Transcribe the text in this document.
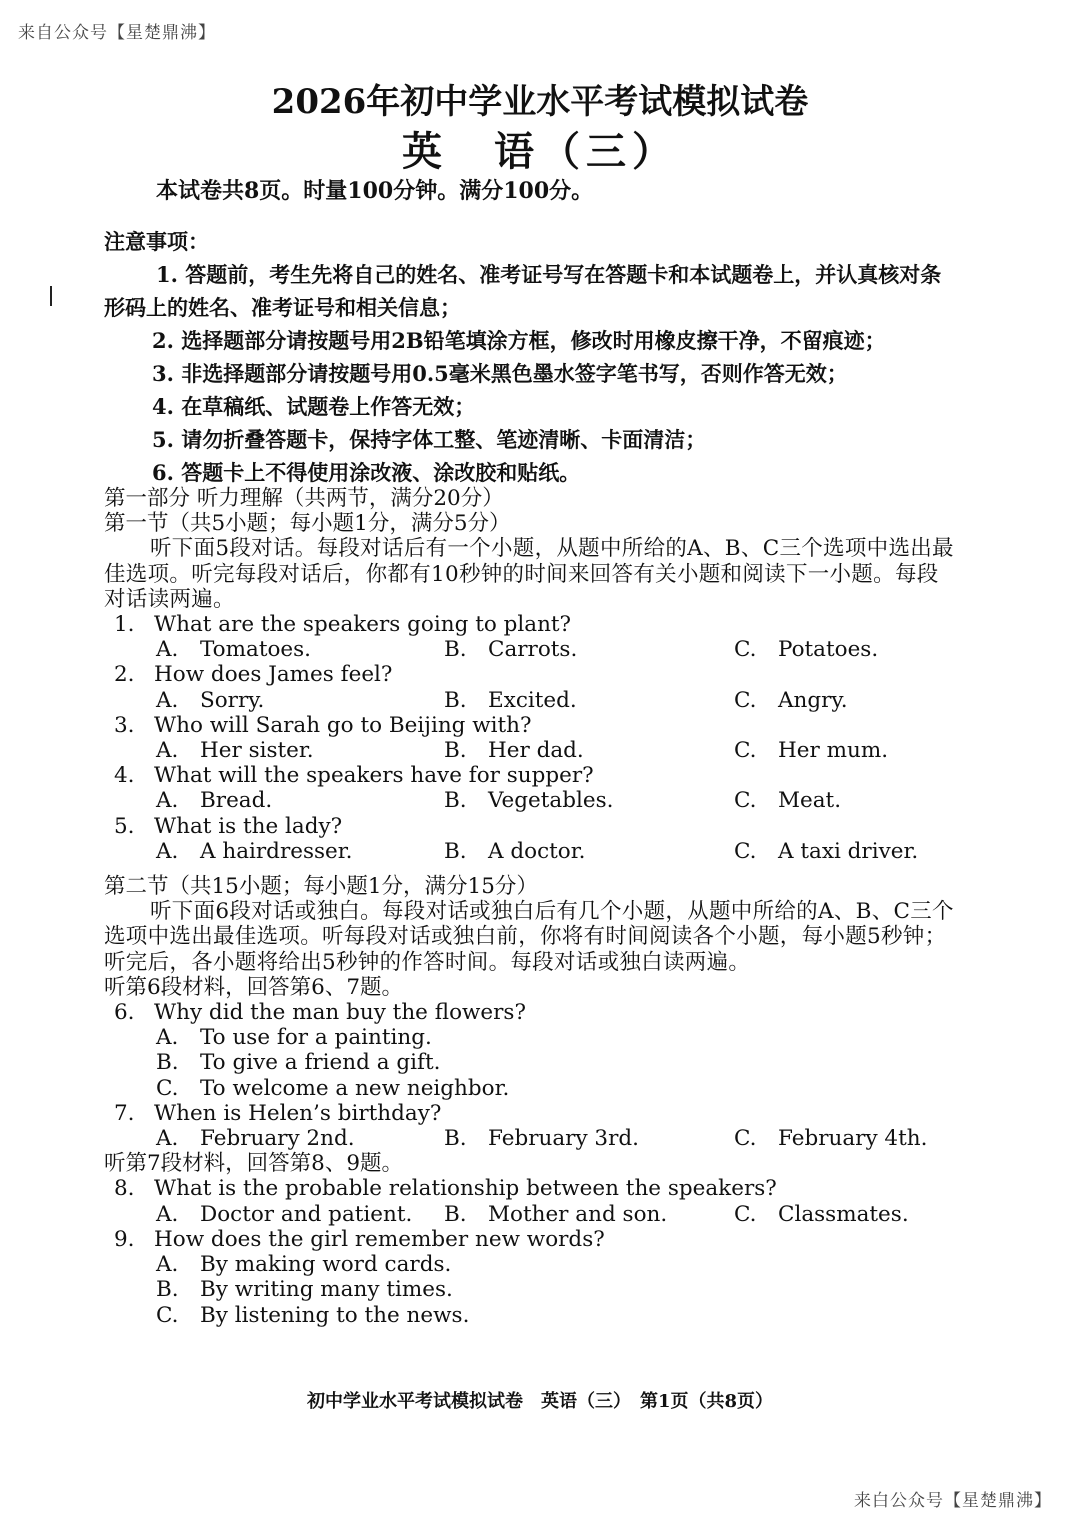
来自公众号【星楚鼎沸】
2026年初中学业水平考试模拟试卷
英　语（三）
本试卷共8页。时量100分钟。满分100分。
注意事项：

1. 答题前，考生先将自己的姓名、准考证号写在答题卡和本试题卷上，并认真核对条形码上的姓名、准考证号和相关信息；

2. 选择题部分请按题号用2B铅笔填涂方框，修改时用橡皮擦干净，不留痕迹；

3. 非选择题部分请按题号用0.5毫米黑色墨水签字笔书写，否则作答无效；

4. 在草稿纸、试题卷上作答无效；

5. 请勿折叠答题卡，保持字体工整、笔迹清晰、卡面清洁；

6. 答题卡上不得使用涂改液、涂改胶和贴纸。

第一部分 听力理解（共两节，满分20分）

第一节（共5小题；每小题1分，满分5分）

听下面5段对话。每段对话后有一个小题，从题中所给的A、B、C三个选项中选出最佳选项。听完每段对话后，你都有10秒钟的时间来回答有关小题和阅读下一小题。每段对话读两遍。

1. What are the speakers going to plant?
A.	Tomatoes.	B. Carrots.	C. Potatoes.
2. How does James feel?
A.	Sorry.	B. Excited.	C. Angry.
3. Who will Sarah go to Beijing with?
A.	Her sister.	B. Her dad.	C. Her mum.
4. What will the speakers have for supper?
A.	Bread.	B. Vegetables.	C. Meat.
5. What is the lady?
A.	A hairdresser.	B. A doctor.	C. A taxi driver.

第二节（共15小题；每小题1分，满分15分）

听下面6段对话或独白。每段对话或独白后有几个小题，从题中所给的A、B、C三个选项中选出最佳选项。听每段对话或独白前，你将有时间阅读各个小题，每小题5秒钟；听完后，各小题将给出5秒钟的作答时间。每段对话或独白读两遍。

听第6段材料，回答第6、7题。

6. Why did the man buy the flowers?
A.	To use for a painting.
B. To give a friend a gift.
C. To welcome a new neighbor.
7. When is Helen’s birthday?
A.	February 2nd.	B. February 3rd.	C. February 4th.

听第7段材料，回答第8、9题。

8. What is the probable relationship between the speakers?
A.	Doctor and patient. B. Mother and son.	C. Classmates.
9. How does the girl remember new words?
A.	By making word cards.
B. By writing many times.
C. By listening to the news.
初中学业水平考试模拟试卷　英语（三）　第1页（共8页）
来白公众号【星楚鼎沸】
